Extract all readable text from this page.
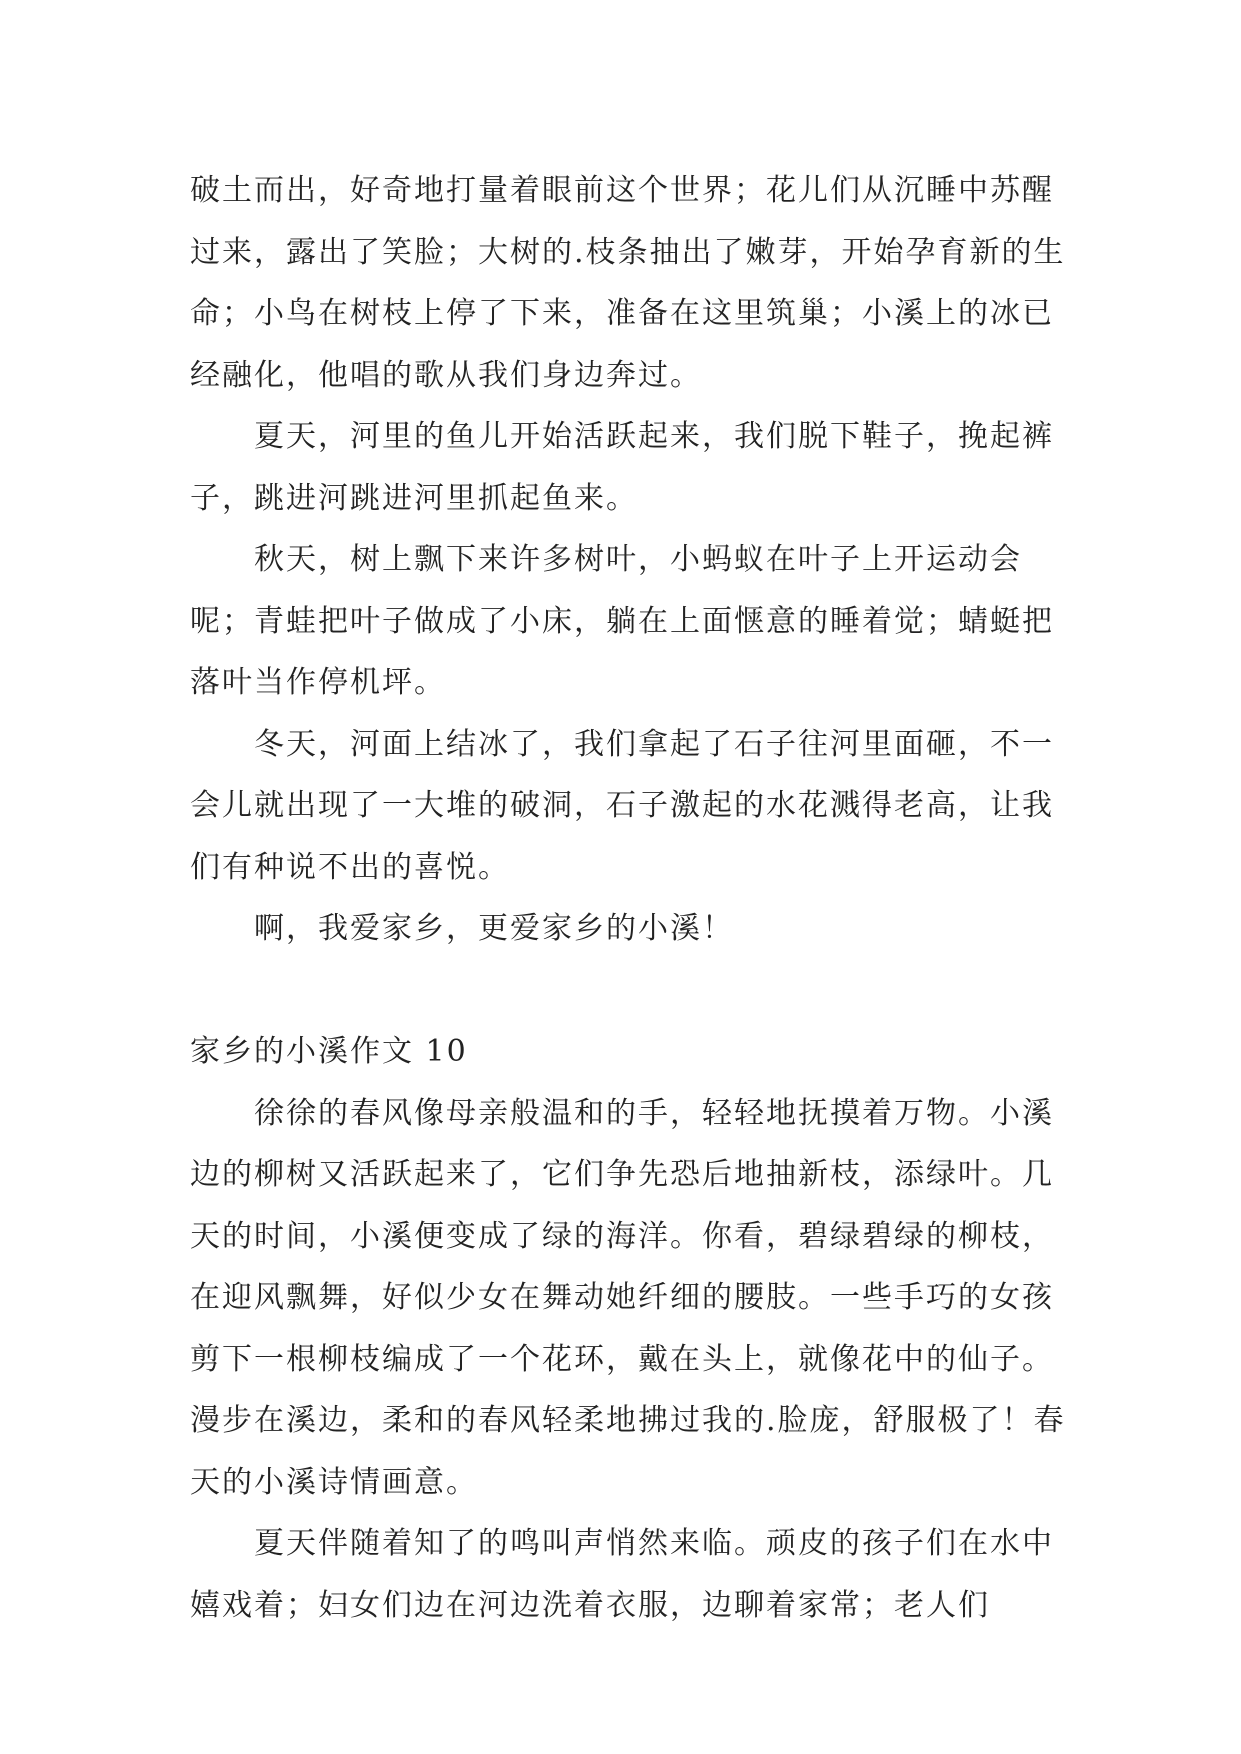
破土而出，好奇地打量着眼前这个世界；花儿们从沉睡中苏醒过来，露出了笑脸；大树的.枝条抽出了嫩芽，开始孕育新的生命；小鸟在树枝上停了下来，准备在这里筑巢；小溪上的冰已经融化，他唱的歌从我们身边奔过。

夏天，河里的鱼儿开始活跃起来，我们脱下鞋子，挽起裤子，跳进河跳进河里抓起鱼来。

秋天，树上飘下来许多树叶，小蚂蚁在叶子上开运动会呢；青蛙把叶子做成了小床，躺在上面惬意的睡着觉；蜻蜓把落叶当作停机坪。

冬天，河面上结冰了，我们拿起了石子往河里面砸，不一会儿就出现了一大堆的破洞，石子激起的水花溅得老高，让我们有种说不出的喜悦。

啊，我爱家乡，更爱家乡的小溪！

家乡的小溪作文 10

徐徐的春风像母亲般温和的手，轻轻地抚摸着万物。小溪边的柳树又活跃起来了，它们争先恐后地抽新枝，添绿叶。几天的时间，小溪便变成了绿的海洋。你看，碧绿碧绿的柳枝，在迎风飘舞，好似少女在舞动她纤细的腰肢。一些手巧的女孩剪下一根柳枝编成了一个花环，戴在头上，就像花中的仙子。漫步在溪边，柔和的春风轻柔地拂过我的.脸庞，舒服极了！春天的小溪诗情画意。

夏天伴随着知了的鸣叫声悄然来临。顽皮的孩子们在水中嬉戏着；妇女们边在河边洗着衣服，边聊着家常；老人们
